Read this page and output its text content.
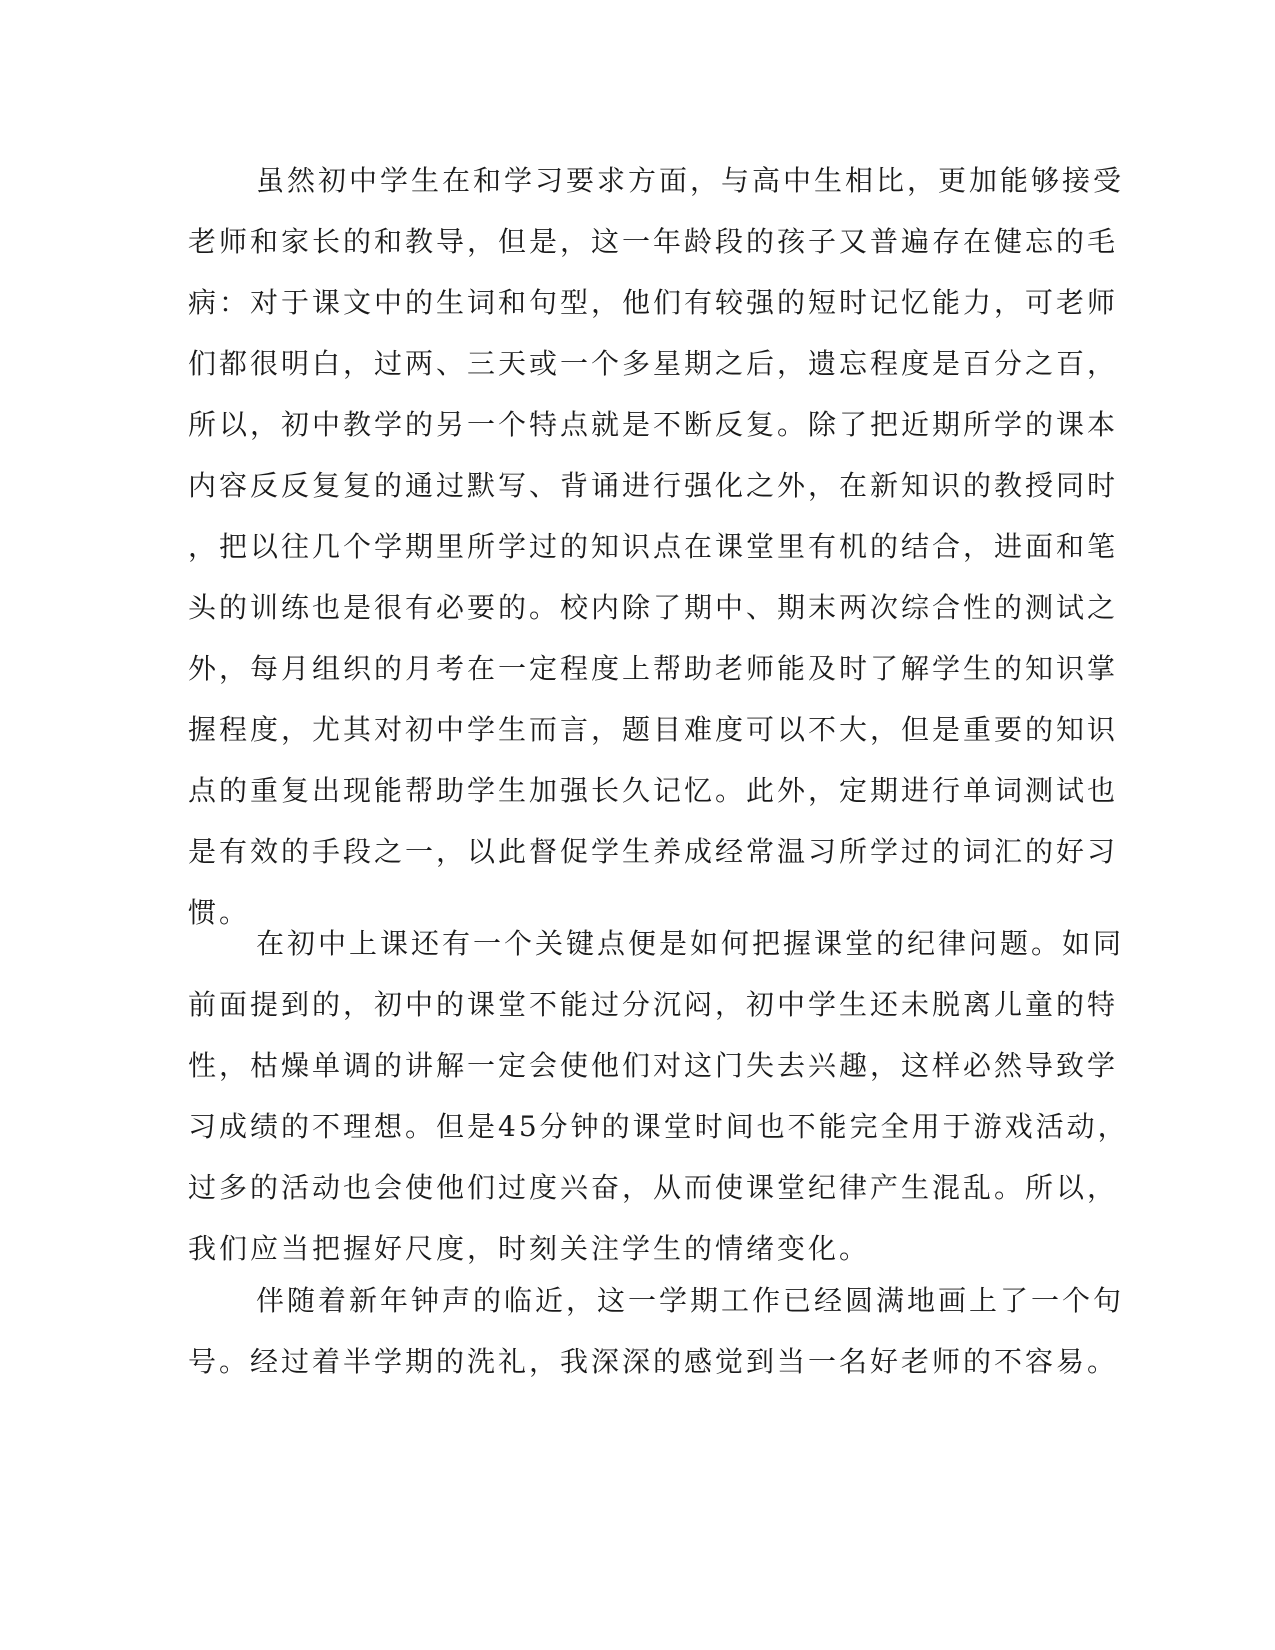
虽然初中学生在和学习要求方面，与高中生相比，更加能够接受
老师和家长的和教导，但是，这一年龄段的孩子又普遍存在健忘的毛
病：对于课文中的生词和句型，他们有较强的短时记忆能力，可老师
们都很明白，过两、三天或一个多星期之后，遗忘程度是百分之百，
所以，初中教学的另一个特点就是不断反复。除了把近期所学的课本
内容反反复复的通过默写、背诵进行强化之外，在新知识的教授同时
，把以往几个学期里所学过的知识点在课堂里有机的结合，进面和笔
头的训练也是很有必要的。校内除了期中、期末两次综合性的测试之
外，每月组织的月考在一定程度上帮助老师能及时了解学生的知识掌
握程度，尤其对初中学生而言，题目难度可以不大，但是重要的知识
点的重复出现能帮助学生加强长久记忆。此外，定期进行单词测试也
是有效的手段之一，以此督促学生养成经常温习所学过的词汇的好习
惯。
在初中上课还有一个关键点便是如何把握课堂的纪律问题。如同
前面提到的，初中的课堂不能过分沉闷，初中学生还未脱离儿童的特
性，枯燥单调的讲解一定会使他们对这门失去兴趣，这样必然导致学
习成绩的不理想。但是45分钟的课堂时间也不能完全用于游戏活动，
过多的活动也会使他们过度兴奋，从而使课堂纪律产生混乱。所以，
我们应当把握好尺度，时刻关注学生的情绪变化。
伴随着新年钟声的临近，这一学期工作已经圆满地画上了一个句
号。经过着半学期的洗礼，我深深的感觉到当一名好老师的不容易。
